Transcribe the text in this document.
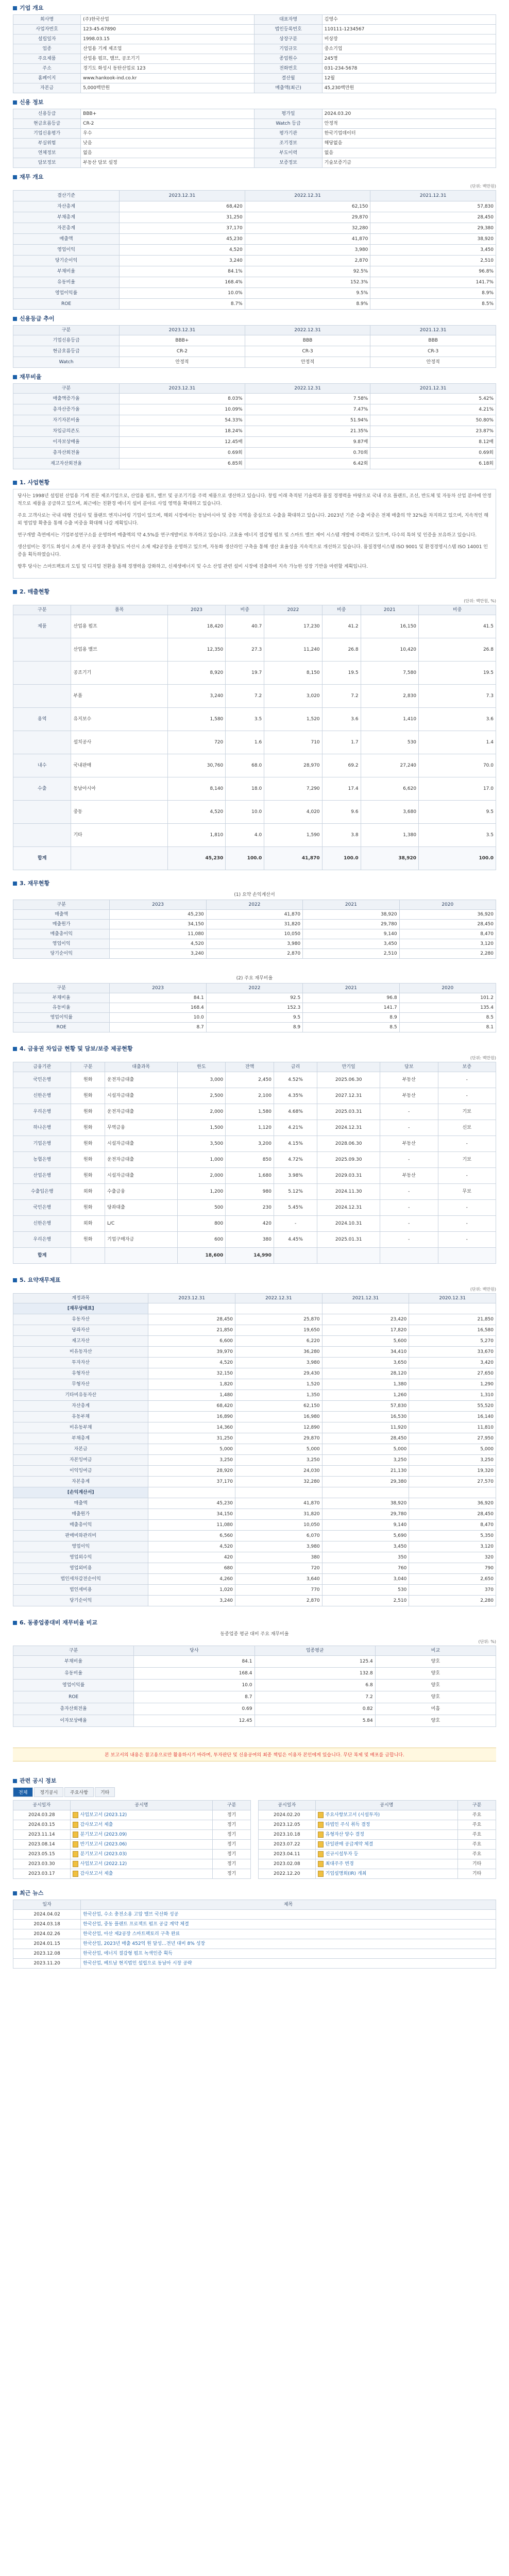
기업 개요
회사명	(주)한국산업	대표자명	김영수
사업자번호	123-45-67890	법인등록번호	110111-1234567
설립일자	1998.03.15	상장구분	비상장
업종	산업용 기계 제조업	기업규모	중소기업
주요제품	산업용 펌프, 밸브, 공조기기	종업원수	245명
주소	경기도 화성시 동탄산업로 123	전화번호	031-234-5678
홈페이지	www.hankook-ind.co.kr	결산월	12월
자본금	5,000백만원	매출액(최근)	45,230백만원
신용 정보
신용등급	BBB+	평가일	2024.03.20
현금흐름등급	CR-2	Watch 등급	안정적
기업신용평가	우수	평가기관	한국기업데이터
부실위험	낮음	조기경보	해당없음
연체정보	없음	부도이력	없음
담보정보	부동산 담보 설정	보증정보	기술보증기금
재무 개요
(단위: 백만원)
결산기준	2023.12.31	2022.12.31	2021.12.31
자산총계	68,420	62,150	57,830
부채총계	31,250	29,870	28,450
자본총계	37,170	32,280	29,380
매출액	45,230	41,870	38,920
영업이익	4,520	3,980	3,450
당기순이익	3,240	2,870	2,510
부채비율	84.1%	92.5%	96.8%
유동비율	168.4%	152.3%	141.7%
영업이익률	10.0%	9.5%	8.9%
ROE	8.7%	8.9%	8.5%
신용등급 추이
구분	2023.12.31	2022.12.31	2021.12.31
기업신용등급	BBB+	BBB	BBB
현금흐름등급	CR-2	CR-3	CR-3
Watch	안정적	안정적	안정적
재무비율
구분	2023.12.31	2022.12.31	2021.12.31
매출액증가율	8.03%	7.58%	5.42%
총자산증가율	10.09%	7.47%	4.21%
자기자본비율	54.33%	51.94%	50.80%
차입금의존도	18.24%	21.35%	23.87%
이자보상배율	12.45배	9.87배	8.12배
총자산회전율	0.69회	0.70회	0.69회
재고자산회전율	6.85회	6.42회	6.18회
1. 사업현황

당사는 1998년 설립된 산업용 기계 전문 제조기업으로, 산업용 펌프, 밸브 및 공조기기를 주력 제품으로 생산하고 있습니다. 창립 이래 축적된 기술력과 품질 경쟁력을 바탕으로 국내 주요 플랜트, 조선, 반도체 및 자동차 산업 분야에 안정적으로 제품을 공급하고 있으며, 최근에는 친환경 에너지 설비 분야로 사업 영역을 확대하고 있습니다.

주요 고객사로는 국내 대형 건설사 및 플랜트 엔지니어링 기업이 있으며, 해외 시장에서는 동남아시아 및 중동 지역을 중심으로 수출을 확대하고 있습니다. 2023년 기준 수출 비중은 전체 매출의 약 32%를 차지하고 있으며, 지속적인 해외 영업망 확충을 통해 수출 비중을 확대해 나갈 계획입니다.

연구개발 측면에서는 기업부설연구소를 운영하며 매출액의 약 4.5%를 연구개발비로 투자하고 있습니다. 고효율 에너지 절감형 펌프 및 스마트 밸브 제어 시스템 개발에 주력하고 있으며, 다수의 특허 및 인증을 보유하고 있습니다.

생산설비는 경기도 화성시 소재 본사 공장과 충청남도 아산시 소재 제2공장을 운영하고 있으며, 자동화 생산라인 구축을 통해 생산 효율성을 지속적으로 개선하고 있습니다. 품질경영시스템 ISO 9001 및 환경경영시스템 ISO 14001 인증을 획득하였습니다.

향후 당사는 스마트팩토리 도입 및 디지털 전환을 통해 경쟁력을 강화하고, 신재생에너지 및 수소 산업 관련 설비 시장에 진출하여 지속 가능한 성장 기반을 마련할 계획입니다.

2. 매출현황
(단위: 백만원, %)
구분	품목	2023	비중	2022	비중	2021	비중
제품	산업용 펌프	18,420	40.7	17,230	41.2	16,150	41.5
	산업용 밸브	12,350	27.3	11,240	26.8	10,420	26.8
	공조기기	8,920	19.7	8,150	19.5	7,580	19.5
	부품	3,240	7.2	3,020	7.2	2,830	7.3
용역	유지보수	1,580	3.5	1,520	3.6	1,410	3.6
	설치공사	720	1.6	710	1.7	530	1.4
내수	국내판매	30,760	68.0	28,970	69.2	27,240	70.0
수출	동남아시아	8,140	18.0	7,290	17.4	6,620	17.0
	중동	4,520	10.0	4,020	9.6	3,680	9.5
	기타	1,810	4.0	1,590	3.8	1,380	3.5
합계		45,230	100.0	41,870	100.0	38,920	100.0
3. 재무현황
(1) 요약 손익계산서
구분	2023	2022	2021	2020
매출액	45,230	41,870	38,920	36,920
매출원가	34,150	31,820	29,780	28,450
매출총이익	11,080	10,050	9,140	8,470
영업이익	4,520	3,980	3,450	3,120
당기순이익	3,240	2,870	2,510	2,280
(2) 주요 재무비율
구분	2023	2022	2021	2020
부채비율	84.1	92.5	96.8	101.2
유동비율	168.4	152.3	141.7	135.4
영업이익률	10.0	9.5	8.9	8.5
ROE	8.7	8.9	8.5	8.1
4. 금융권 차입금 현황 및 담보/보증 제공현황
(단위: 백만원)
금융기관	구분	대출과목	한도	잔액	금리	만기일	담보	보증
국민은행	원화	운전자금대출	3,000	2,450	4.52%	2025.06.30	부동산	-
신한은행	원화	시설자금대출	2,500	2,100	4.35%	2027.12.31	부동산	-
우리은행	원화	운전자금대출	2,000	1,580	4.68%	2025.03.31	-	기보
하나은행	원화	무역금융	1,500	1,120	4.21%	2024.12.31	-	신보
기업은행	원화	시설자금대출	3,500	3,200	4.15%	2028.06.30	부동산	-
농협은행	원화	운전자금대출	1,000	850	4.72%	2025.09.30	-	기보
산업은행	원화	시설자금대출	2,000	1,680	3.98%	2029.03.31	부동산	-
수출입은행	외화	수출금융	1,200	980	5.12%	2024.11.30	-	무보
국민은행	원화	당좌대출	500	230	5.45%	2024.12.31	-	-
신한은행	외화	L/C	800	420	-	2024.10.31	-	-
우리은행	원화	기업구매자금	600	380	4.45%	2025.01.31	-	-
합계			18,600	14,990				
5. 요약재무제표
(단위: 백만원)
계정과목	2023.12.31	2022.12.31	2021.12.31	2020.12.31
[재무상태표]				
유동자산	28,450	25,870	23,420	21,850
당좌자산	21,850	19,650	17,820	16,580
재고자산	6,600	6,220	5,600	5,270
비유동자산	39,970	36,280	34,410	33,670
투자자산	4,520	3,980	3,650	3,420
유형자산	32,150	29,430	28,120	27,650
무형자산	1,820	1,520	1,380	1,290
기타비유동자산	1,480	1,350	1,260	1,310
자산총계	68,420	62,150	57,830	55,520
유동부채	16,890	16,980	16,530	16,140
비유동부채	14,360	12,890	11,920	11,810
부채총계	31,250	29,870	28,450	27,950
자본금	5,000	5,000	5,000	5,000
자본잉여금	3,250	3,250	3,250	3,250
이익잉여금	28,920	24,030	21,130	19,320
자본총계	37,170	32,280	29,380	27,570
[손익계산서]				
매출액	45,230	41,870	38,920	36,920
매출원가	34,150	31,820	29,780	28,450
매출총이익	11,080	10,050	9,140	8,470
판매비와관리비	6,560	6,070	5,690	5,350
영업이익	4,520	3,980	3,450	3,120
영업외수익	420	380	350	320
영업외비용	680	720	760	790
법인세차감전순이익	4,260	3,640	3,040	2,650
법인세비용	1,020	770	530	370
당기순이익	3,240	2,870	2,510	2,280
6. 동종업종대비 재무비율 비교
동종업종 평균 대비 주요 재무비율
(단위: %)
구분	당사	업종평균	비교
부채비율	84.1	125.4	양호
유동비율	168.4	132.8	양호
영업이익률	10.0	6.8	양호
ROE	8.7	7.2	양호
총자산회전율	0.69	0.82	미흡
이자보상배율	12.45	5.84	양호
본 보고서의 내용은 참고용으로만 활용하시기 바라며, 투자판단 및 신용공여의 최종 책임은 이용자 본인에게 있습니다. 무단 복제 및 배포를 금합니다.
관련 공시 정보
전체	정기공시	주요사항	기타
공시일자	공시명	구분
2024.03.28	사업보고서 (2023.12)	정기
2024.03.15	감사보고서 제출	정기
2023.11.14	분기보고서 (2023.09)	정기
2023.08.14	반기보고서 (2023.06)	정기
2023.05.15	분기보고서 (2023.03)	정기
2023.03.30	사업보고서 (2022.12)	정기
2023.03.17	감사보고서 제출	정기
공시일자	공시명	구분
2024.02.20	주요사항보고서 (시설투자)	주요
2023.12.05	타법인 주식 취득 결정	주요
2023.10.18	유형자산 양수 결정	주요
2023.07.22	단일판매 공급계약 체결	주요
2023.04.11	신규시설투자 등	주요
2023.02.08	최대주주 변경	기타
2022.12.20	기업설명회(IR) 개최	기타
최근 뉴스
일자	제목
2024.04.02	한국산업, 수소 충전소용 고압 밸브 국산화 성공
2024.03.18	한국산업, 중동 플랜트 프로젝트 펌프 공급 계약 체결
2024.02.26	한국산업, 아산 제2공장 스마트팩토리 구축 완료
2024.01.15	한국산업, 2023년 매출 452억 원 달성…전년 대비 8% 성장
2023.12.08	한국산업, 에너지 절감형 펌프 녹색인증 획득
2023.11.20	한국산업, 베트남 현지법인 설립으로 동남아 시장 공략
